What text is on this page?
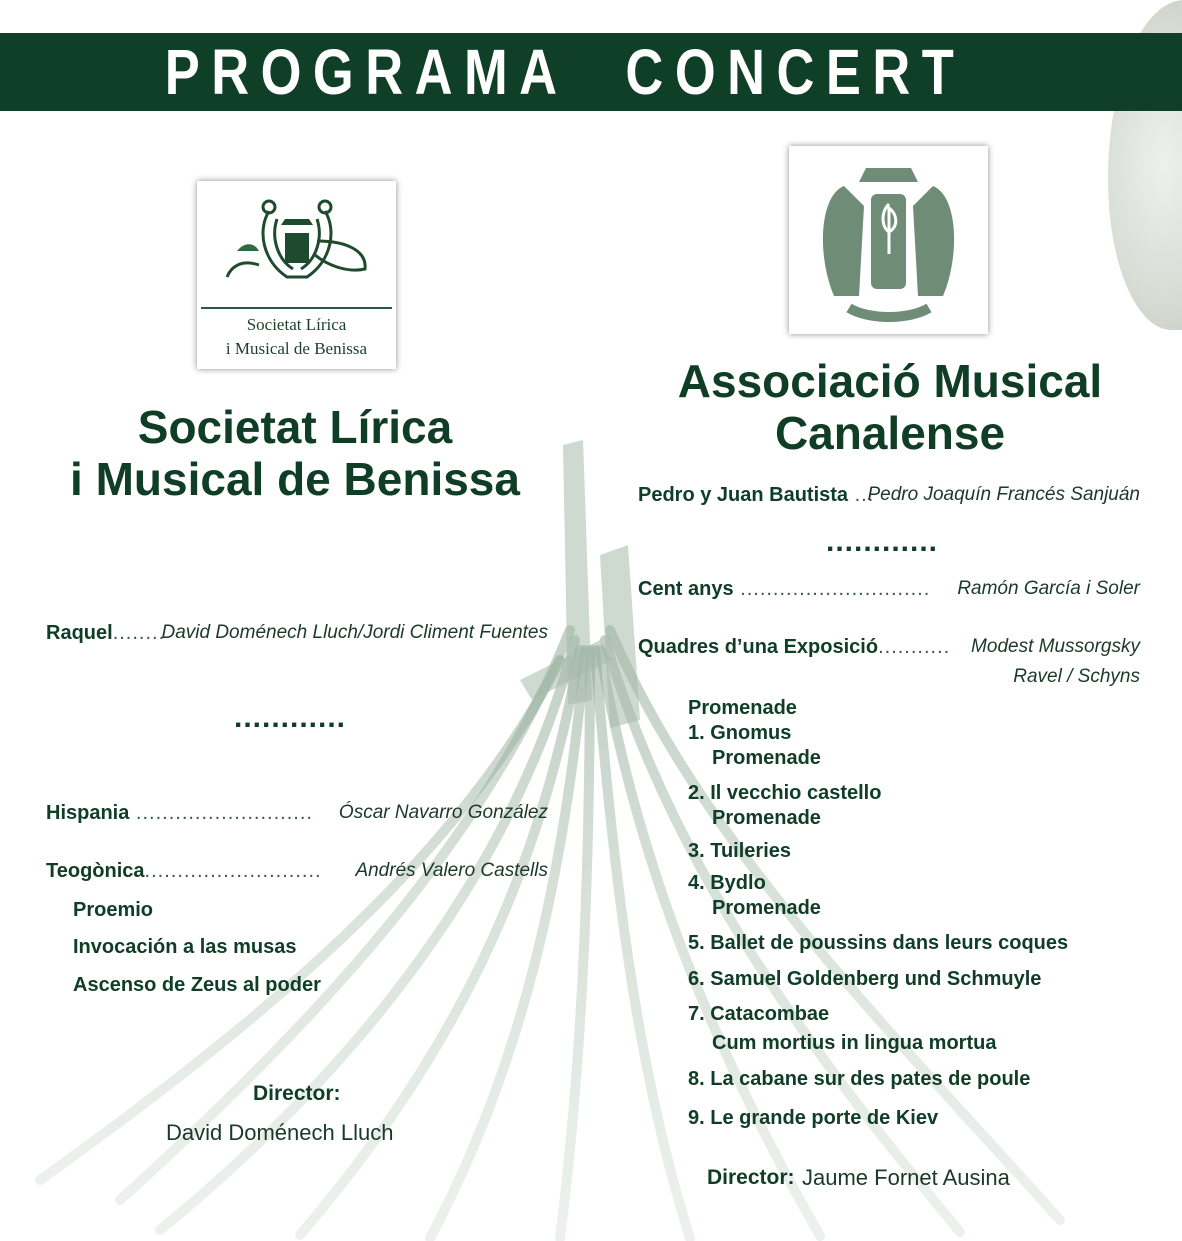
PROGRAMA CONCERT
Societat Lírica
i Musical de Benissa
CANALENSE
Societat Lírica
i Musical de Benissa
Associació Musical
Canalense
Raquel........
David Doménech Lluch/Jordi Climent Fuentes
............
Hispania ........................... Óscar Navarro González
Teogònica........................... Andrés Valero Castells
Proemio
Invocación a las musas
Ascenso de Zeus al poder
Director:
David Doménech Lluch
Pedro y Juan Bautista ...
Pedro Joaquín Francés Sanjuán
............
Cent anys ............................. Ramón García i Soler
Quadres d’una Exposició........... Modest Mussorgsky
Ravel / Schyns
Promenade
1. Gnomus
Promenade
2. Il vecchio castello
Promenade
3. Tuileries
4. Bydlo
Promenade
5. Ballet de poussins dans leurs coques
6. Samuel Goldenberg und Schmuyle
7. Catacombae
Cum mortius in lingua mortua
8. La cabane sur des pates de poule
9. Le grande porte de Kiev
Director: Jaume Fornet Ausina
